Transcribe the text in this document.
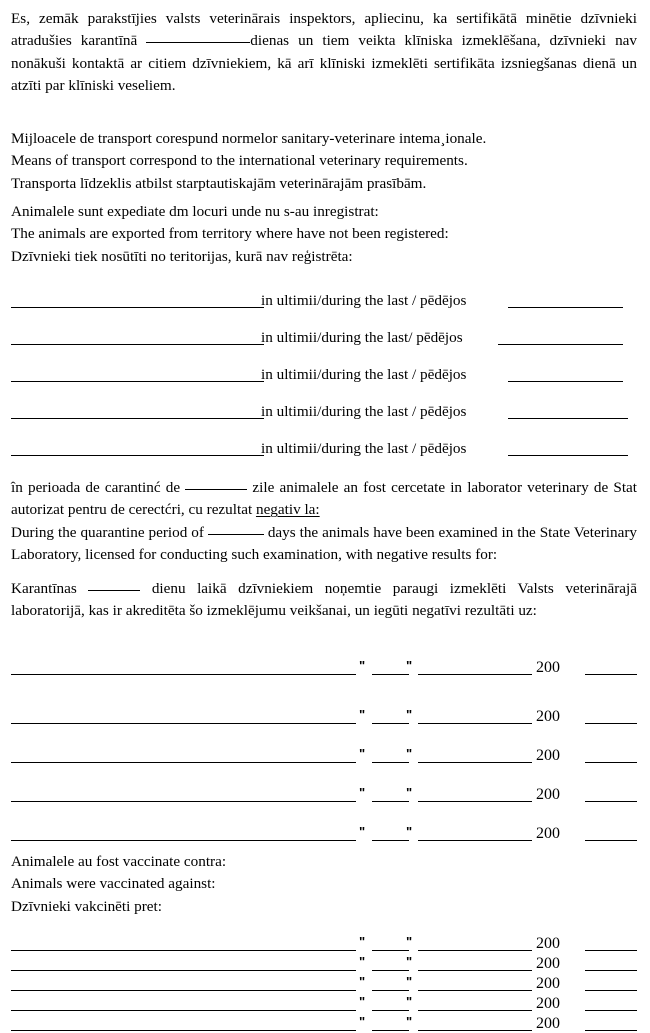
Es, zemāk parakstījies valsts veterinārais inspektors, apliecinu, ka sertifikātā minētie dzīvnieki atradušies karantīnā	dienas un tiem veikta klīniska izmeklēšana, dzīvnieki nav nonākuši kontaktā ar citiem dzīvniekiem, kā arī klīniski izmeklēti sertifikāta izsniegšanas dienā un atzīti par klīniski veseliem.

Mijloacele de transport corespund normelor sanitary-veterinare intema¸ionale.

Means of transport correspond to the international veterinary requirements.

Transporta līdzeklis atbilst starptautiskajām veterinārajām prasībām.

Animalele sunt expediate dm locuri unde nu s-au inregistrat:

The animals are exported from territory where have not been registered:

Dzīvnieki tiek nosūtīti no teritorijas, kurā nav reģistrēta:

in ultimii/during the last / pēdējos
in ultimii/during the last/ pēdējos
in ultimii/during the last / pēdējos
in ultimii/during the last / pēdējos
in ultimii/during the last / pēdējos

în perioada de carantinć de	zile animalele an fost cercetate in laborator veterinary de Stat autorizat pentru de cerectćri, cu rezultat negativ la:

During the quarantine period of	days the animals have been examined in the State Veterinary Laboratory, licensed for conducting such examination, with negative results for:

Karantīnas	dienu laikā dzīvniekiem noņemtie paraugi izmeklēti Valsts veterinārajā laboratorijā, kas ir akreditēta šo izmeklējumu veikšanai, un iegūti negatīvi rezultāti uz:

"	"	200
"	"	200
"	"	200
"	"	200
"	"	200

Animalele au fost vaccinate contra:

Animals were vaccinated against:

Dzīvnieki vakcinēti pret:

"	"	200
"	"	200
"	"	200
"	"	200
"	"	200
